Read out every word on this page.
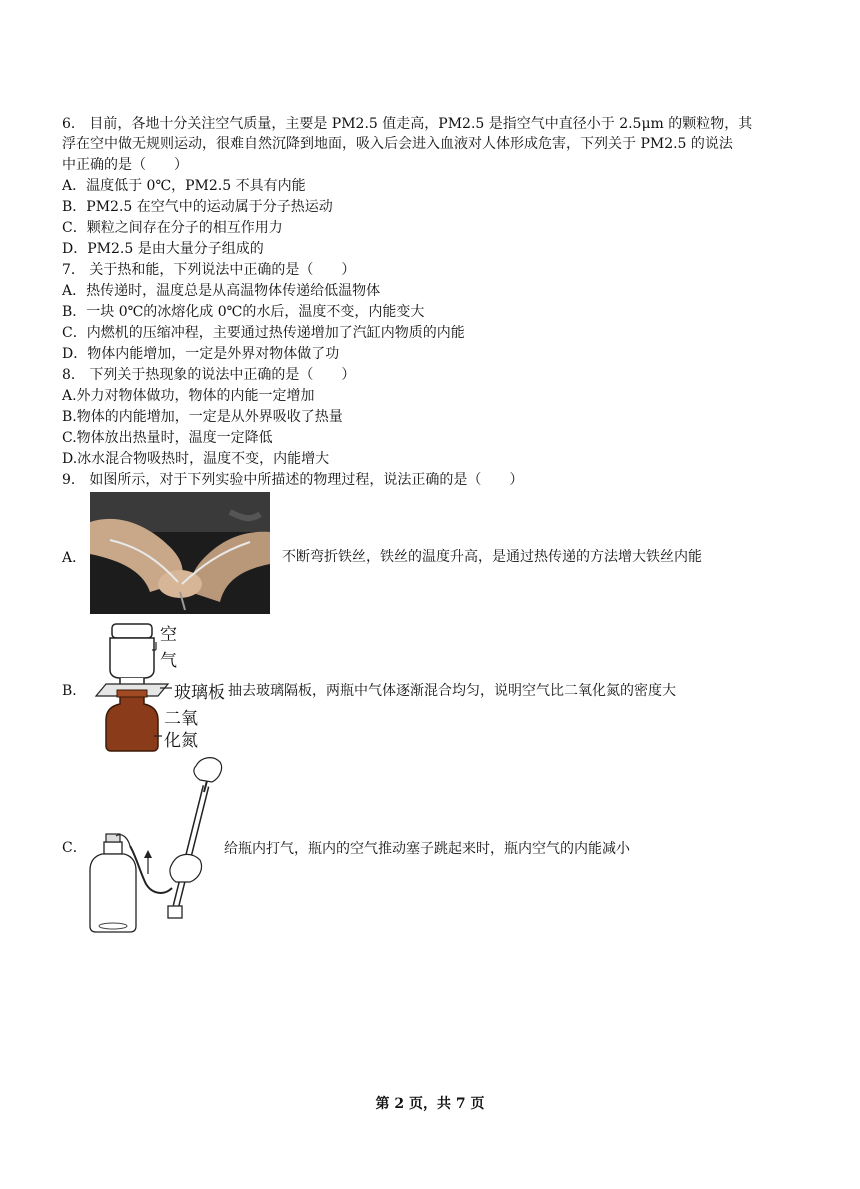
6． 目前，各地十分关注空气质量，主要是 PM2.5 值走高，PM2.5 是指空气中直径小于 2.5μm 的颗粒物，其
浮在空中做无规则运动，很难自然沉降到地面，吸入后会进入血液对人体形成危害，下列关于 PM2.5 的说法
中正确的是（　　）
A．温度低于 0℃，PM2.5 不具有内能
B．PM2.5 在空气中的运动属于分子热运动
C．颗粒之间存在分子的相互作用力
D．PM2.5 是由大量分子组成的
7． 关于热和能，下列说法中正确的是（　　）
A．热传递时，温度总是从高温物体传递给低温物体
B．一块 0℃的冰熔化成 0℃的水后，温度不变，内能变大
C．内燃机的压缩冲程，主要通过热传递增加了汽缸内物质的内能
D．物体内能增加，一定是外界对物体做了功
8． 下列关于热现象的说法中正确的是（　　）
A.外力对物体做功，物体的内能一定增加
B.物体的内能增加，一定是从外界吸收了热量
C.物体放出热量时，温度一定降低
D.冰水混合物吸热时，温度不变，内能增大
9． 如图所示，对于下列实验中所描述的物理过程，说法正确的是（　　）
A．	不断弯折铁丝，铁丝的温度升高，是通过热传递的方法增大铁丝内能
B．
空
气
玻璃板
二氧
化氮
抽去玻璃隔板，两瓶中气体逐渐混合均匀，说明空气比二氧化氮的密度大
C．	给瓶内打气，瓶内的空气推动塞子跳起来时，瓶内空气的内能减小
第 2 页，共 7 页
